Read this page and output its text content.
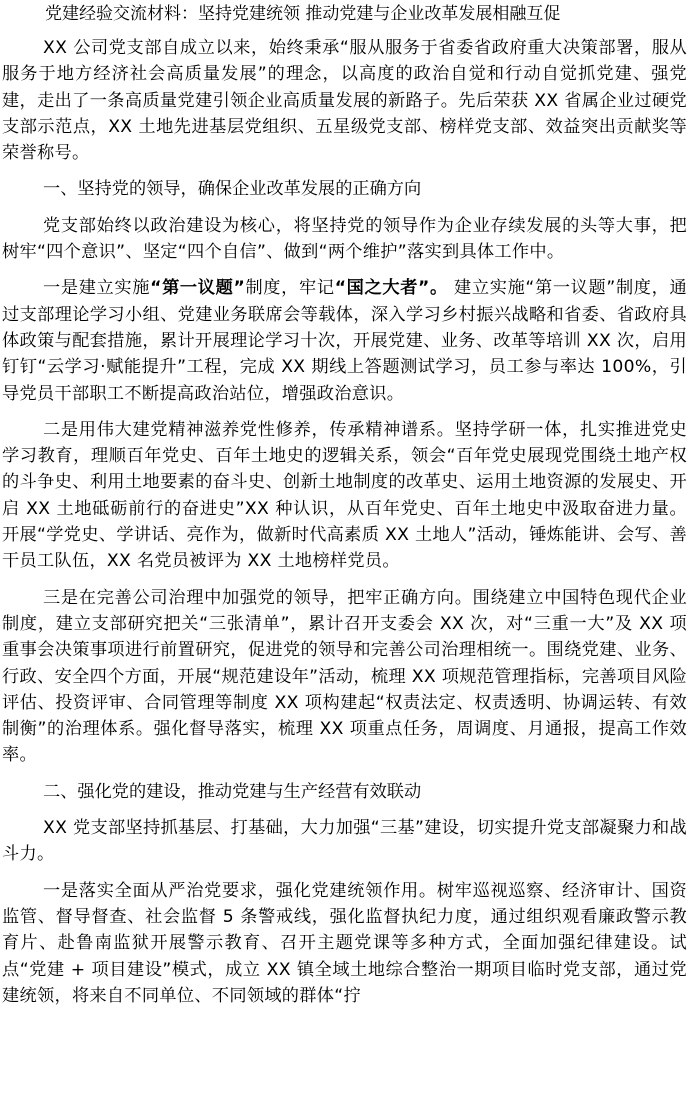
党建经验交流材料：坚持党建统领 推动党建与企业改革发展相融互促

XX 公司党支部自成立以来，始终秉承“服从服务于省委省政府重大决策部署，服从服务于地方经济社会高质量发展”的理念，以高度的政治自觉和行动自觉抓党建、强党建，走出了一条高质量党建引领企业高质量发展的新路子。先后荣获 XX 省属企业过硬党支部示范点，XX 土地先进基层党组织、五星级党支部、榜样党支部、效益突出贡献奖等荣誉称号。

一、坚持党的领导，确保企业改革发展的正确方向

党支部始终以政治建设为核心，将坚持党的领导作为企业存续发展的头等大事，把树牢“四个意识”、坚定“四个自信”、做到“两个维护”落实到具体工作中。

一是建立实施“第一议题”制度，牢记“国之大者”。 建立实施“第一议题”制度，通过支部理论学习小组、党建业务联席会等载体，深入学习乡村振兴战略和省委、省政府具体政策与配套措施，累计开展理论学习十次，开展党建、业务、改革等培训 XX 次，启用钉钉“云学习·赋能提升”工程，完成 XX 期线上答题测试学习，员工参与率达 100%，引导党员干部职工不断提高政治站位，增强政治意识。

二是用伟大建党精神滋养党性修养，传承精神谱系。坚持学研一体，扎实推进党史学习教育，理顺百年党史、百年土地史的逻辑关系，领会“百年党史展现党围绕土地产权的斗争史、利用土地要素的奋斗史、创新土地制度的改革史、运用土地资源的发展史、开启 XX 土地砥砺前行的奋进史”XX 种认识，从百年党史、百年土地史中汲取奋进力量。开展“学党史、学讲话、亮作为，做新时代高素质 XX 土地人”活动，锤炼能讲、会写、善干员工队伍，XX 名党员被评为 XX 土地榜样党员。

三是在完善公司治理中加强党的领导，把牢正确方向。围绕建立中国特色现代企业制度，建立支部研究把关“三张清单”，累计召开支委会 XX 次，对“三重一大”及 XX 项重事会决策事项进行前置研究，促进党的领导和完善公司治理相统一。围绕党建、业务、行政、安全四个方面，开展“规范建设年”活动，梳理 XX 项规范管理指标，完善项目风险评估、投资评审、合同管理等制度 XX 项构建起“权责法定、权责透明、协调运转、有效制衡”的治理体系。强化督导落实，梳理 XX 项重点任务，周调度、月通报，提高工作效率。

二、强化党的建设，推动党建与生产经营有效联动

XX 党支部坚持抓基层、打基础，大力加强“三基”建设，切实提升党支部凝聚力和战斗力。

一是落实全面从严治党要求，强化党建统领作用。树牢巡视巡察、经济审计、国资监管、督导督查、社会监督 5 条警戒线，强化监督执纪力度，通过组织观看廉政警示教育片、赴鲁南监狱开展警示教育、召开主题党课等多种方式，全面加强纪律建设。试点“党建 + 项目建设”模式，成立 XX 镇全域土地综合整治一期项目临时党支部，通过党建统领，将来自不同单位、不同领域的群体“拧
